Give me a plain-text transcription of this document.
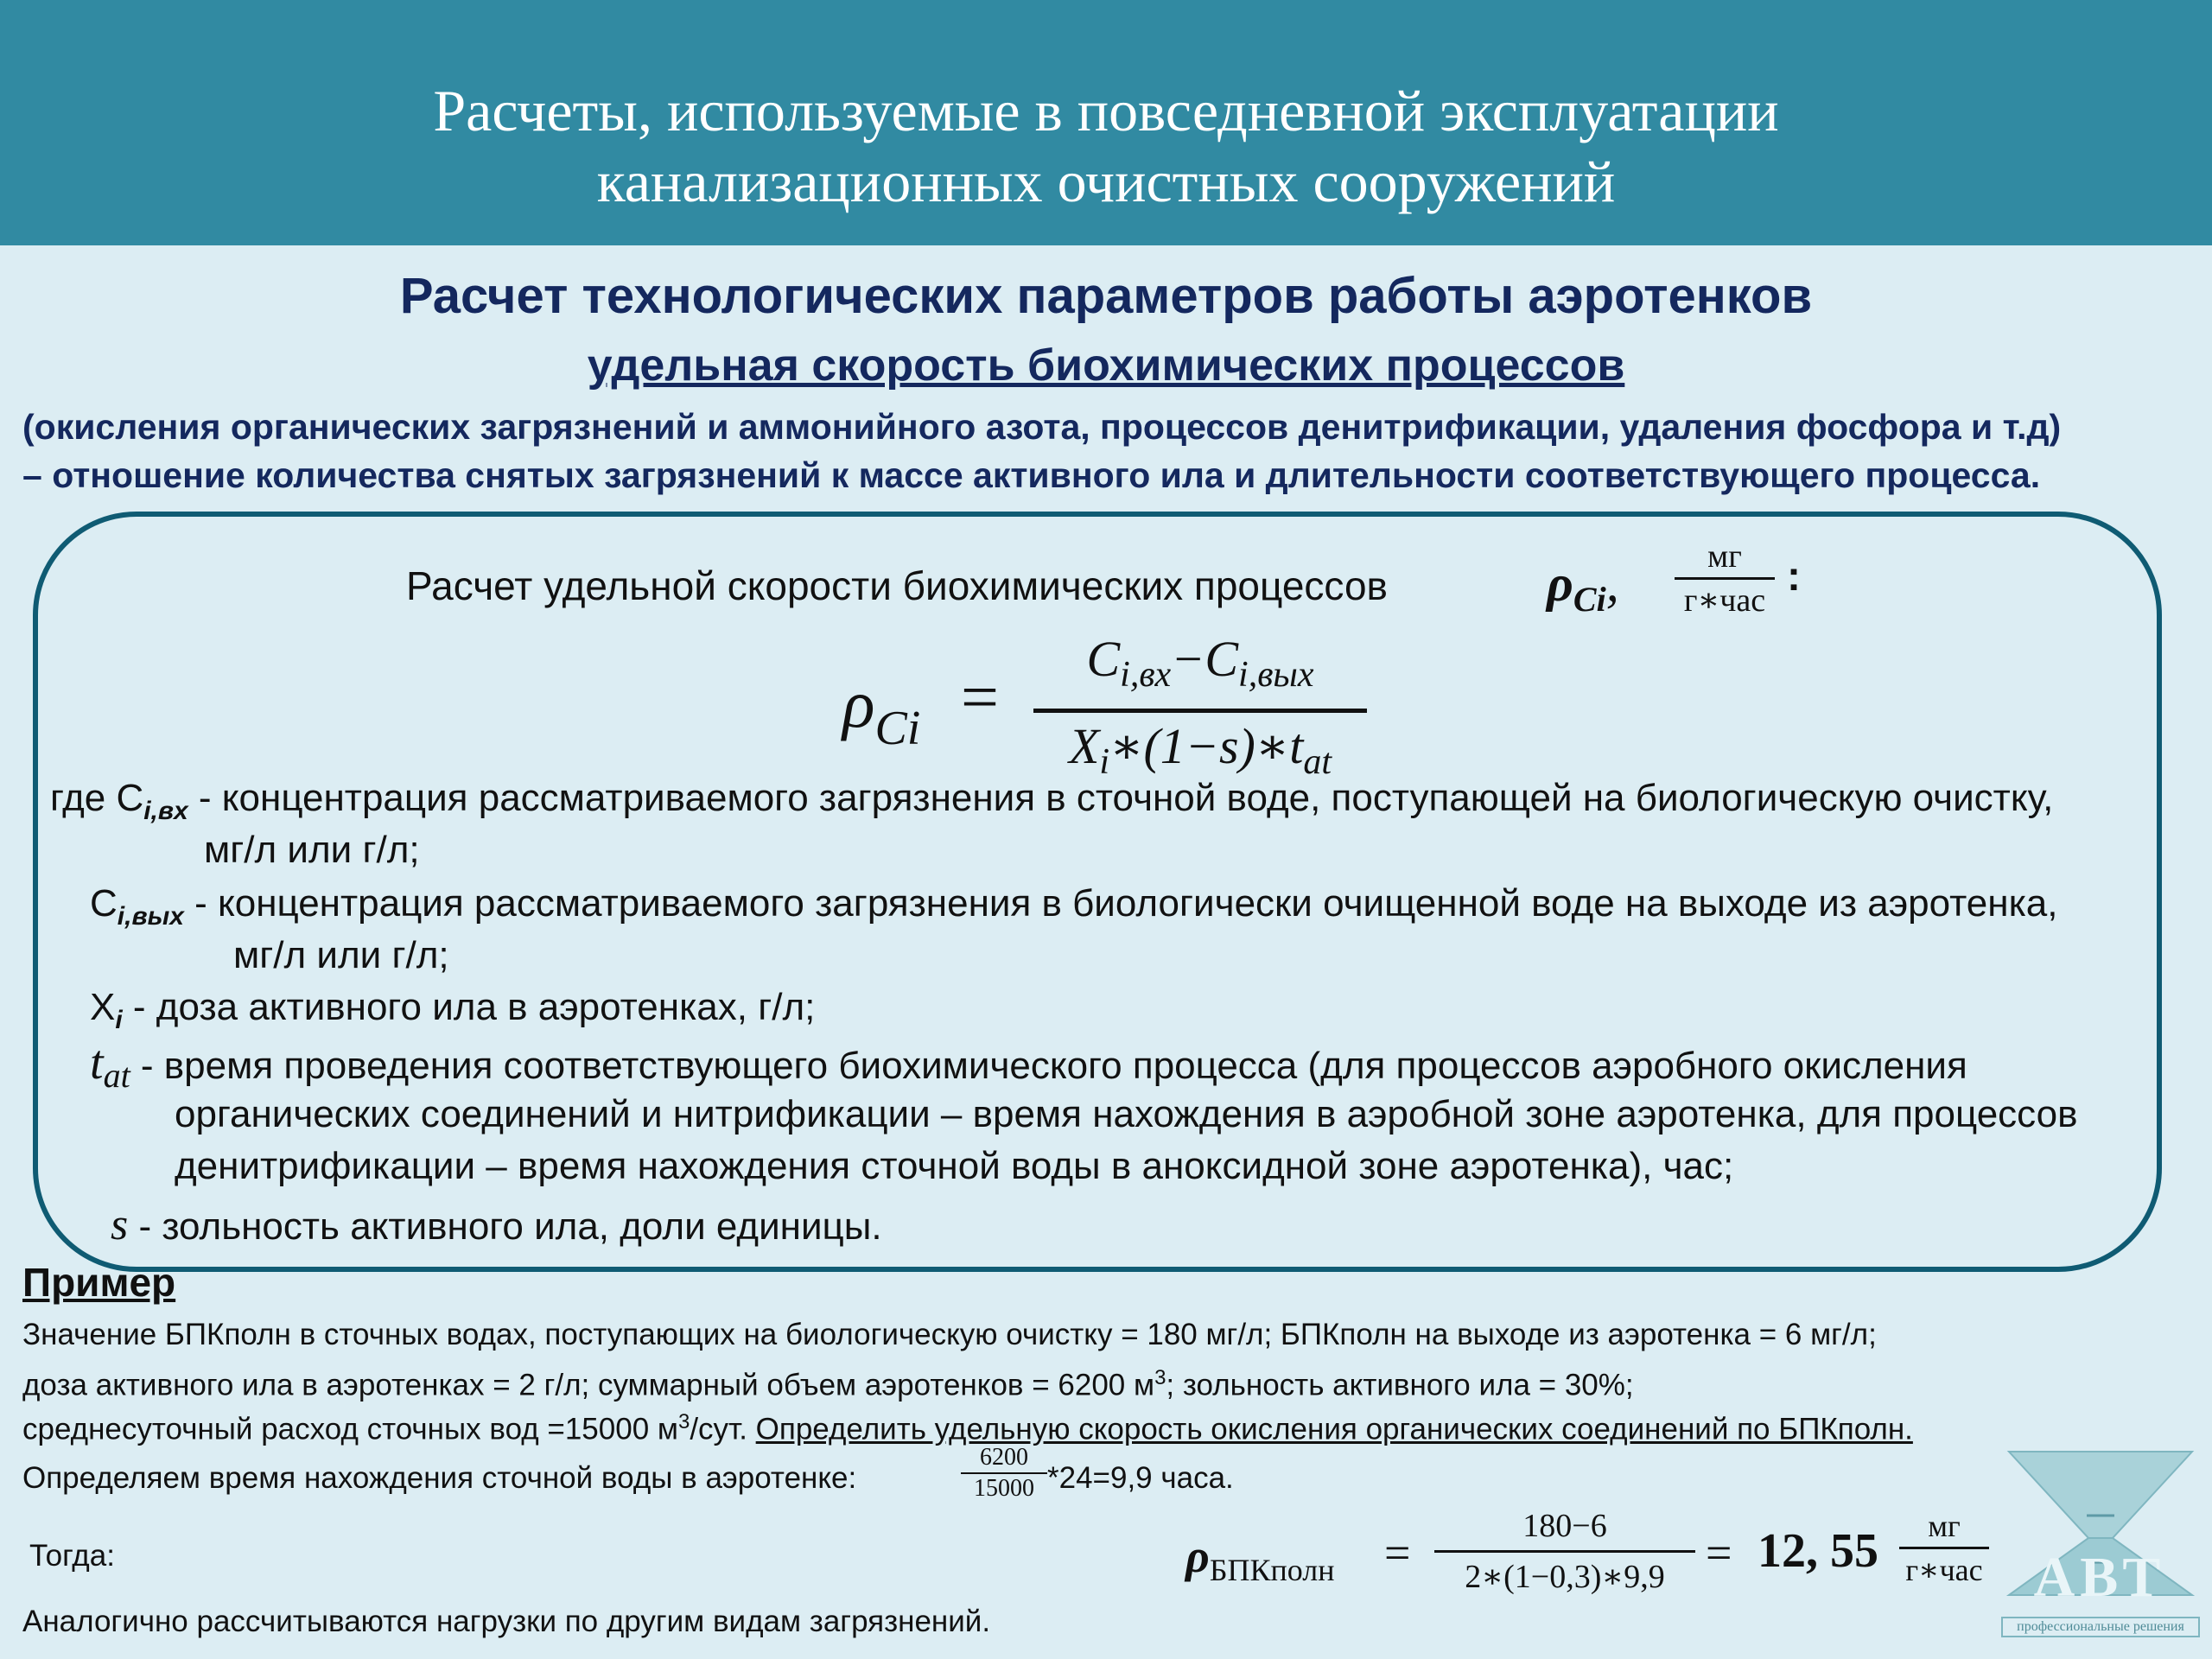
Расчеты, используемые в повседневной эксплуатации
канализационных очистных сооружений
Расчет технологических параметров работы аэротенков
удельная скорость биохимических процессов
(окисления органических загрязнений и аммонийного азота, процессов денитрификации, удаления фосфора и т.д)
– отношение количества снятых загрязнений к массе активного ила и длительности соответствующего процесса.
Расчет удельной скорости биохимических процессов	$\rho_{Ci}$,	мг
г∗час
:
$\rho_{Ci}$ =
$C_{i,вх}-C_{i,вых}$
$X_i∗(1-s)∗t_{at}$
где $C_{i,вх}$ - концентрация рассматриваемого загрязнения в сточной воде, поступающей на биологическую очистку,
мг/л или г/л;
$C_{i,вых}$ - концентрация рассматриваемого загрязнения в биологически очищенной воде на выходе из аэротенка,
мг/л или г/л;
$X_i$ - доза активного ила в аэротенках, г/л;
$t_{at}$ - время проведения соответствующего биохимического процесса (для процессов аэробного окисления
органических соединений и нитрификации – время нахождения в аэробной зоне аэротенка, для процессов
денитрификации – время нахождения сточной воды в аноксидной зоне аэротенка), час;
s - зольность активного ила, доли единицы.
Пример
Значение БПКполн в сточных водах, поступающих на биологическую очистку = 180 мг/л; БПКполн на выходе из аэротенка = 6 мг/л;
доза активного ила в аэротенках = 2 г/л; суммарный объем аэротенков = 6200 $м^3$; зольность активного ила = 30%;
среднесуточный расход сточных вод =15000 $м^3$/сут. Определить удельную скорость окисления органических соединений по БПКполн.
Определяем время нахождения сточной воды в аэротенке:
6200
15000 *24=9,9 часа.
Тогда:	ρБПКполн =
180−6
2∗(1−0,3)∗9,9 = 12, 55	мг
г∗час
Аналогично рассчитываются нагрузки по другим видам загрязнений.
АВТ
профессиональные решения
